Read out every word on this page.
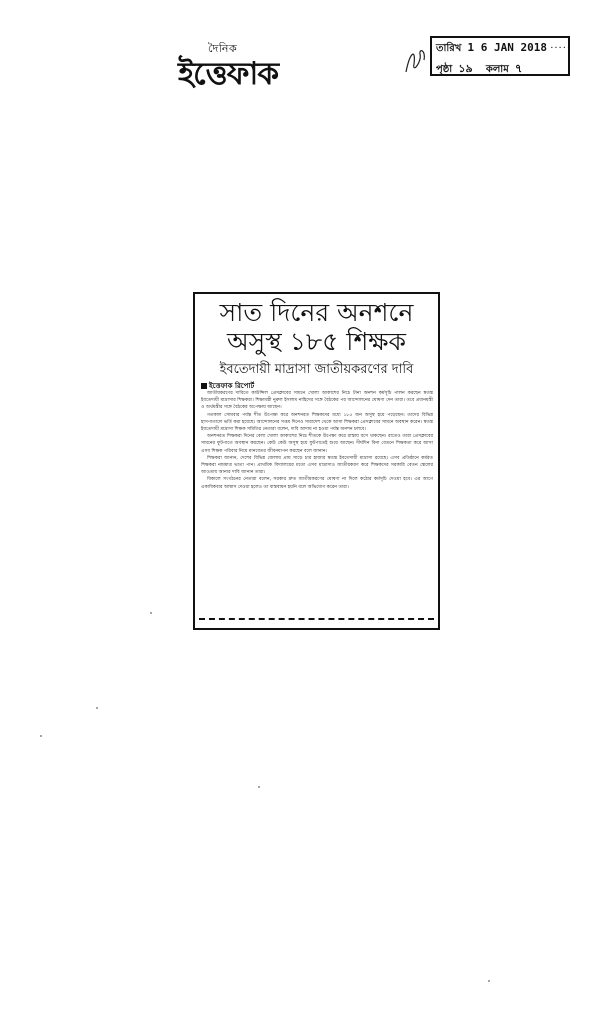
দৈনিক
ইত্তেফাক
তারিখ 1 6 JAN 2018 ·····
পৃষ্ঠা ১৯ কলাম ৭
সাত দিনের অনশনে
অসুস্থ ১৮৫ শিক্ষক
ইবতেদায়ী মাদ্রাসা জাতীয়করণের দাবি
ইত্তেফাক রিপোর্ট

জাতীয়করণের দাবিতে কাউন্সিল প্রেসক্লাবের সামনে খোলা আকাশের নিচে টানা অনশন কর্মসূচি পালন করছেন স্বতন্ত্র ইবতেদায়ী মাদ্রাসার শিক্ষকরা। শিক্ষামন্ত্রী নুরুল ইসলাম নাহিদের সঙ্গে বৈঠকের পর আন্দোলনের ঘোষণা দেন তারা। তবে প্রধানমন্ত্রী ও অর্থমন্ত্রীর সঙ্গে বৈঠকের অপেক্ষায় আছেন।

গতকাল সোমবার পর্যন্ত শীত উপেক্ষা করে অনশনরত শিক্ষকদের মধ্যে ১৮৫ জন অসুস্থ হয়ে পড়েছেন। তাদের বিভিন্ন হাসপাতালে ভর্তি করা হয়েছে। আন্দোলনের সপ্তম দিনেও সারাদেশ থেকে আসা শিক্ষকরা প্রেসক্লাবের সামনে অবস্থান করেন। স্বতন্ত্র ইবতেদায়ী মাদ্রাসা শিক্ষক সমিতির নেতারা বলেন, দাবি আদায় না হওয়া পর্যন্ত অনশন চলবে।

অনশনরত শিক্ষকরা দিনের বেলা খোলা আকাশের নিচে শীতকে উপেক্ষা করে রাস্তায় বসে থাকছেন। রাতেও তারা প্রেসক্লাবের সামনের ফুটপাতে অবস্থান করছেন। কেউ কেউ অসুস্থ হয়ে ফুটপাতেই শুয়ে আছেন। দীর্ঘদিন বিনা বেতনে শিক্ষকতা করে আসা এসব শিক্ষক পরিবার নিয়ে মানবেতর জীবনযাপন করছেন বলে জানান।

শিক্ষকরা জানান, দেশের বিভিন্ন জেলায় প্রায় সাড়ে চার হাজার স্বতন্ত্র ইবতেদায়ী মাদ্রাসা রয়েছে। এসব প্রতিষ্ঠানে কর্মরত শিক্ষকরা নামমাত্র ভাতা পান। প্রাথমিক বিদ্যালয়ের মতো এসব মাদ্রাসাও জাতীয়করণ করে শিক্ষকদের সরকারি বেতন স্কেলের আওতায় আনার দাবি জানান তারা।

বিকালে সংগঠনের নেতারা বলেন, সরকার দ্রুত জাতীয়করণের ঘোষণা না দিলে কঠোর কর্মসূচি দেওয়া হবে। এর আগে একাধিকবার আশ্বাস দেওয়া হলেও তা বাস্তবায়ন হয়নি বলে অভিযোগ করেন তারা।
